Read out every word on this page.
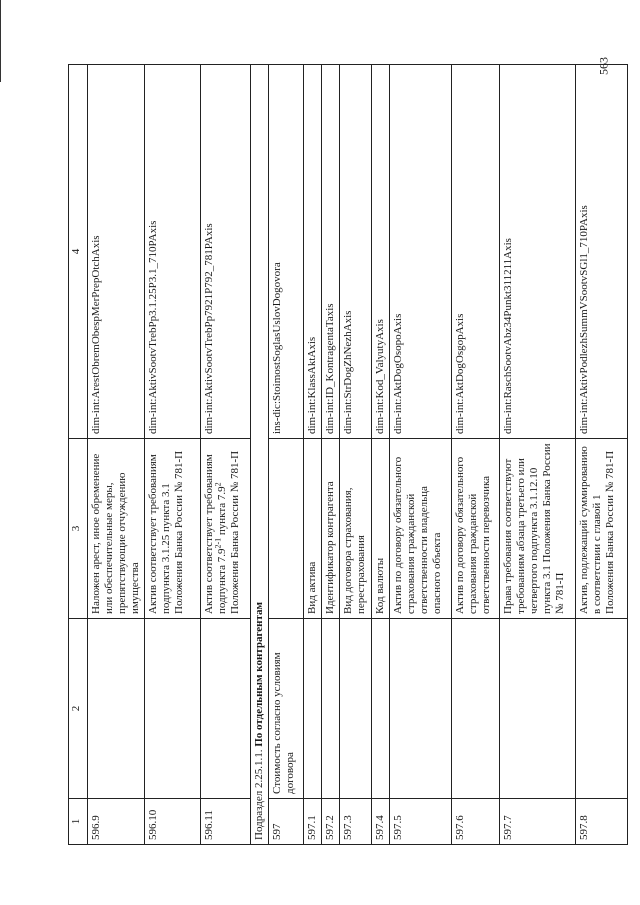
563
1	2	3	4
596.9		Наложен арест, иное обременение или обеспечительные меры, препятствующие отчуждению имущества	dim-int:ArestObremObespMerPrepOtchAxis
596.10		Актив соответствует требованиям подпункта 3.1.25 пункта 3.1 Положения Банка России № 781-П	dim-int:AktivSootvTrebPp3.1.25P3.1_710PAxis
596.11		Актив соответствует требованиям подпункта 7.9$^{2-1}$ пункта $7.9^2$ Положения Банка России № 781-П	dim-int:AktivSootvTrebPp7921P792_781PAxis
Подраздел 2.25.1.1. По отдельным контрагентам			
597	Стоимость согласно условиям договора		ins-dic:StoimostSoglasUslovDogovora
597.1		Вид актива	dim-int:KlassAktAxis
597.2		Идентификатор контрагента	dim-int:ID_KontragentaTaxis
597.3		Вид договора страхования, перестрахования	dim-int:StrDogZhNezhAxis
597.4		Код валюты	dim-int:Kod_ValyutyAxis
597.5		Актив по договору обязательного страхования гражданской ответственности владельца опасного объекта	dim-int:AktDogOsopoAxis
597.6		Актив по договору обязательного страхования гражданской ответственности перевозчика	dim-int:AktDogOsgopAxis
597.7		Права требования соответствуют требованиям абзаца третьего или четвертого подпункта 3.1.12.10 пункта 3.1 Положения Банка России № 781-П	dim-int:RaschSootvAbz34Punkt311211Axis
597.8		Актив, подлежащий суммированию в соответствии с главой 1 Положения Банка России № 781-П	dim-int:AktivPodlezhSummVSootvSGl1_710PAxis
